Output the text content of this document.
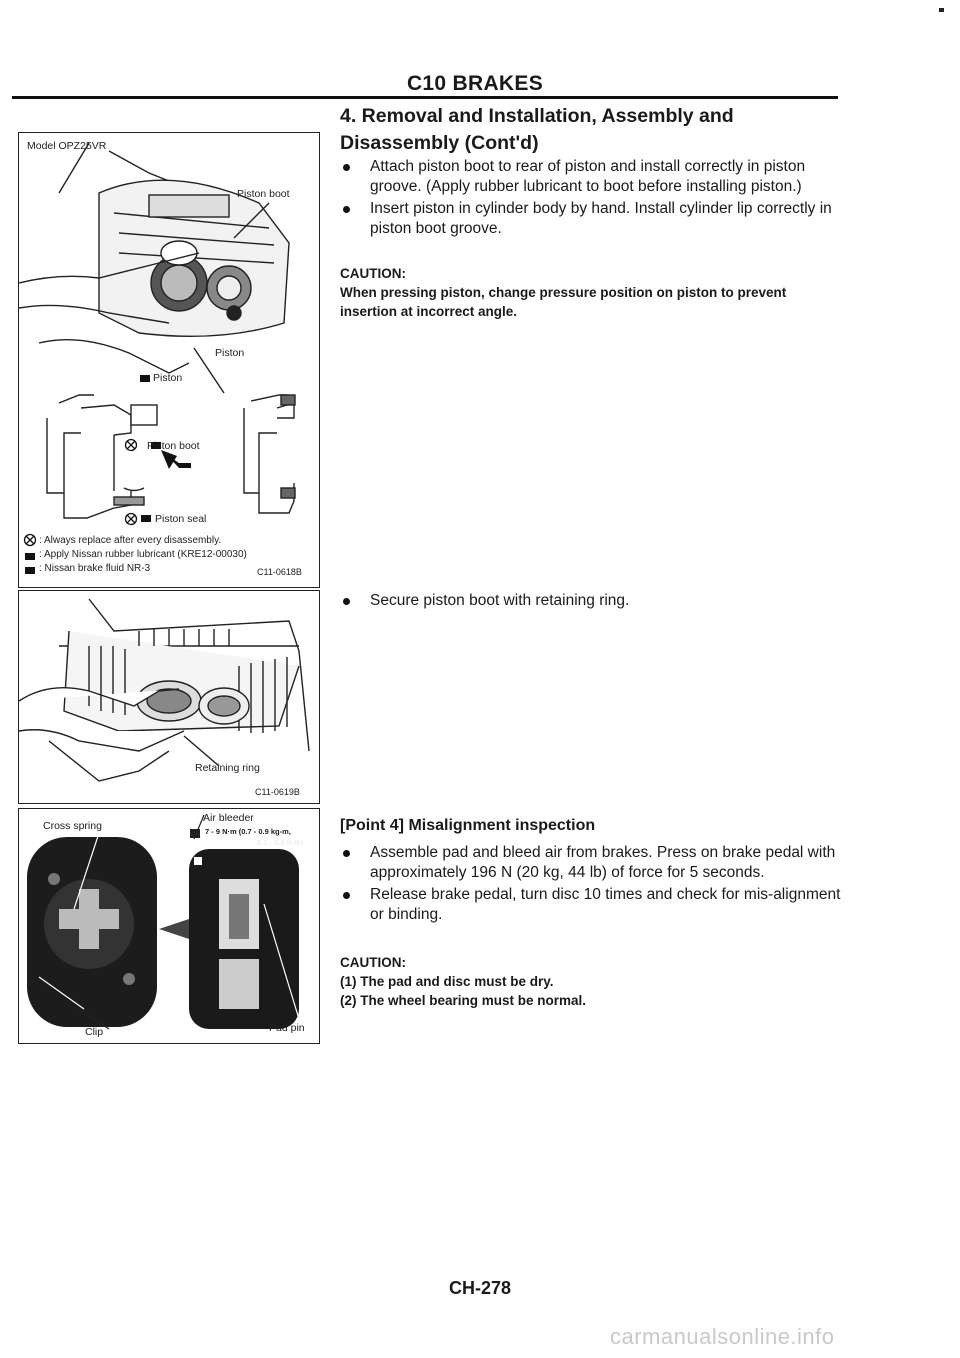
C10 BRAKES
Model OPZ25VR
Piston boot
Piston
Piston
Piston boot
Piston seal
: Always replace after every disassembly.
: Apply Nissan rubber lubricant (KRE12-00030)
: Nissan brake fluid NR-3	C11-0618B
Retaining ring
C11-0619B
Cross spring
Air bleeder
7 - 9 N·m (0.7 - 0.9 kg-m,
5.1 - 6.5 ft-lb)
Clip	Pad pin
4. Removal and Installation, Assembly and
Disassembly (Cont'd)
Attach piston boot to rear of piston and install correctly in piston groove. (Apply rubber lubricant to boot before installing piston.)
Insert piston in cylinder body by hand. Install cylinder lip correctly in piston boot groove.
CAUTION:
When pressing piston, change pressure position on piston to prevent insertion at incorrect angle.
Secure piston boot with retaining ring.
[Point 4] Misalignment inspection
Assemble pad and bleed air from brakes. Press on brake pedal with approximately 196 N (20 kg, 44 lb) of force for 5 seconds.
Release brake pedal, turn disc 10 times and check for mis-alignment or binding.
CAUTION:
(1) The pad and disc must be dry.
(2) The wheel bearing must be normal.
CH-278
carmanualsonline.info
